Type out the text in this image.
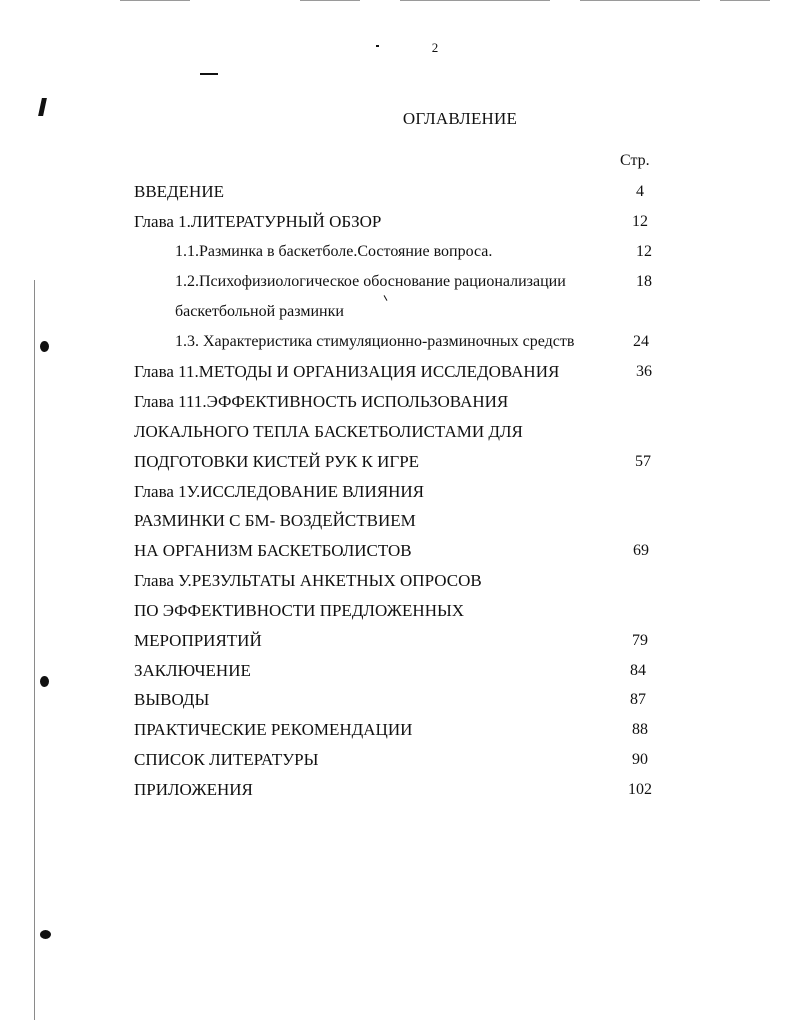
2
ОГЛАВЛЕНИЕ
Стр.
ВВЕДЕНИЕ	4
Глава 1.ЛИТЕРАТУРНЫЙ ОБЗОР	12
1.1.Разминка в баскетболе.Состояние вопроса.	12
1.2.Психофизиологическое обоснование рационализации	18
баскетбольной разминки
1.3. Характеристика стимуляционно-разминочных средств	24
Глава 11.МЕТОДЫ И ОРГАНИЗАЦИЯ ИССЛЕДОВАНИЯ	36
Глава 111.ЭФФЕКТИВНОСТЬ ИСПОЛЬЗОВАНИЯ
ЛОКАЛЬНОГО ТЕПЛА БАСКЕТБОЛИСТАМИ ДЛЯ
ПОДГОТОВКИ КИСТЕЙ РУК К ИГРЕ	57
Глава 1У.ИССЛЕДОВАНИЕ ВЛИЯНИЯ
РАЗМИНКИ С БМ- ВОЗДЕЙСТВИЕМ
НА ОРГАНИЗМ БАСКЕТБОЛИСТОВ	69
Глава У.РЕЗУЛЬТАТЫ АНКЕТНЫХ ОПРОСОВ
ПО ЭФФЕКТИВНОСТИ ПРЕДЛОЖЕННЫХ
МЕРОПРИЯТИЙ	79
ЗАКЛЮЧЕНИЕ	84
ВЫВОДЫ	87
ПРАКТИЧЕСКИЕ РЕКОМЕНДАЦИИ	88
СПИСОК ЛИТЕРАТУРЫ	90
ПРИЛОЖЕНИЯ	102
